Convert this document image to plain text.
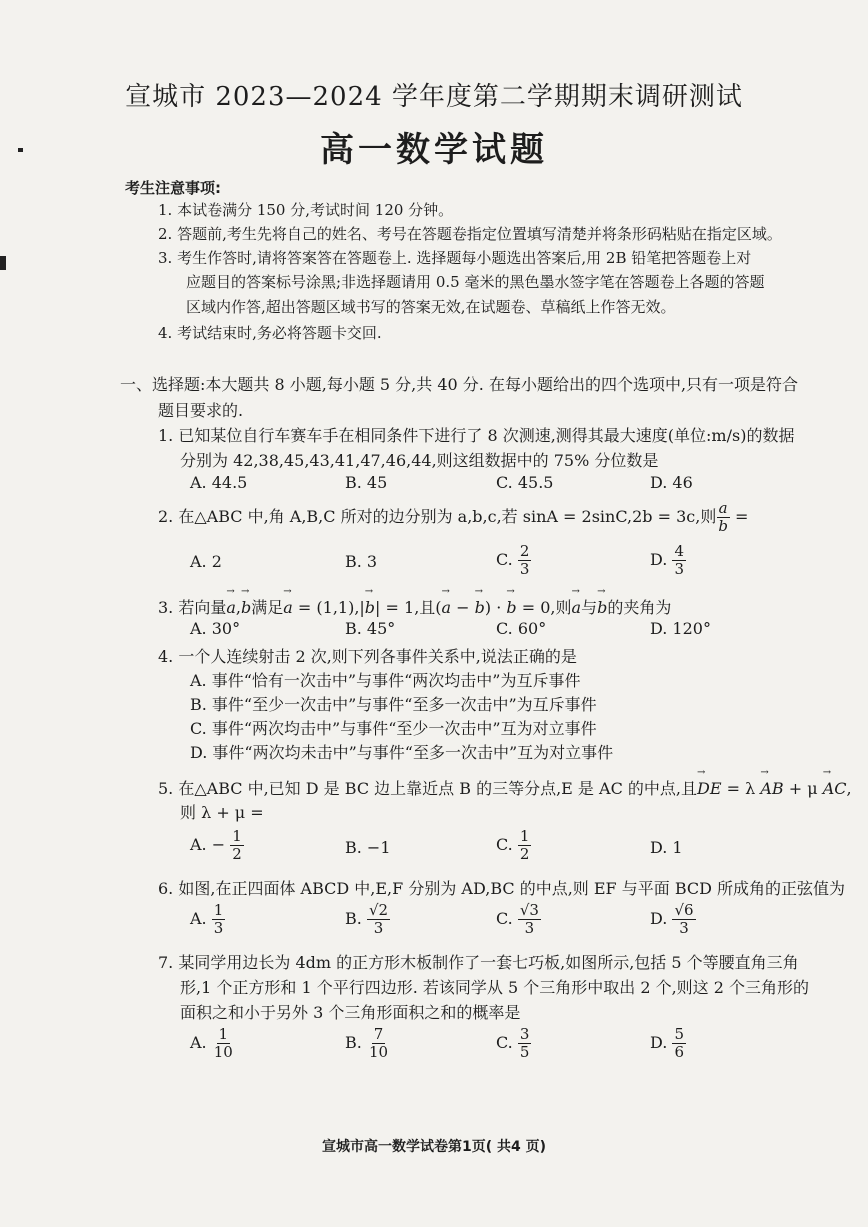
宣城市 2023—2024 学年度第二学期期末调研测试
高一数学试题
考生注意事项:
1. 本试卷满分 150 分,考试时间 120 分钟。
2. 答题前,考生先将自己的姓名、考号在答题卷指定位置填写清楚并将条形码粘贴在指定区域。
3. 考生作答时,请将答案答在答题卷上. 选择题每小题选出答案后,用 2B 铅笔把答题卷上对
应题目的答案标号涂黑;非选择题请用 0.5 毫米的黑色墨水签字笔在答题卷上各题的答题
区域内作答,超出答题区域书写的答案无效,在试题卷、草稿纸上作答无效。
4. 考试结束时,务必将答题卡交回.
一、选择题:本大题共 8 小题,每小题 5 分,共 40 分. 在每小题给出的四个选项中,只有一项是符合
题目要求的.
1. 已知某位自行车赛车手在相同条件下进行了 8 次测速,测得其最大速度(单位:m/s)的数据
分别为 42,38,45,43,41,47,46,44,则这组数据中的 75% 分位数是
A. 44.5	B. 45	C. 45.5	D. 46
2. 在△ABC 中,角 A,B,C 所对的边分别为 a,b,c,若 sinA = 2sinC,2b = 3c,则 $\frac{a}{b}$ =
A. 2	B. 3	C. $\frac{2}{3}$	D. $\frac{4}{3}$
3. 若向量→ a,→ b满足→ a = (1,1),|→ b| = 1,且(→ a − → b) · → b = 0,则→ a与→ b的夹角为
A. 30°	B. 45°	C. 60°	D. 120°
4. 一个人连续射击 2 次,则下列各事件关系中,说法正确的是
A. 事件“恰有一次击中”与事件“两次均击中”为互斥事件
B. 事件“至少一次击中”与事件“至多一次击中”为互斥事件
C. 事件“两次均击中”与事件“至少一次击中”互为对立事件
D. 事件“两次均未击中”与事件“至多一次击中”互为对立事件
5. 在△ABC 中,已知 D 是 BC 边上靠近点 B 的三等分点,E 是 AC 的中点,且→ DE = λ → AB + μ → AC,
则 λ + μ =
A. − $\frac{1}{2}$	B. −1	C. $\frac{1}{2}$	D. 1
6. 如图,在正四面体 ABCD 中,E,F 分别为 AD,BC 的中点,则 EF 与平面 BCD 所成角的正弦值为
A. $\frac{1}{3}$	B. $\frac{√2}{3}$	C. $\frac{√3}{3}$	D. $\frac{√6}{3}$
7. 某同学用边长为 4dm 的正方形木板制作了一套七巧板,如图所示,包括 5 个等腰直角三角
形,1 个正方形和 1 个平行四边形. 若该同学从 5 个三角形中取出 2 个,则这 2 个三角形的
面积之和小于另外 3 个三角形面积之和的概率是
A. $\frac{1}{10}$	B. $\frac{7}{10}$	C. $\frac{3}{5}$	D. $\frac{5}{6}$
宣城市高一数学试卷第1页( 共4 页)
